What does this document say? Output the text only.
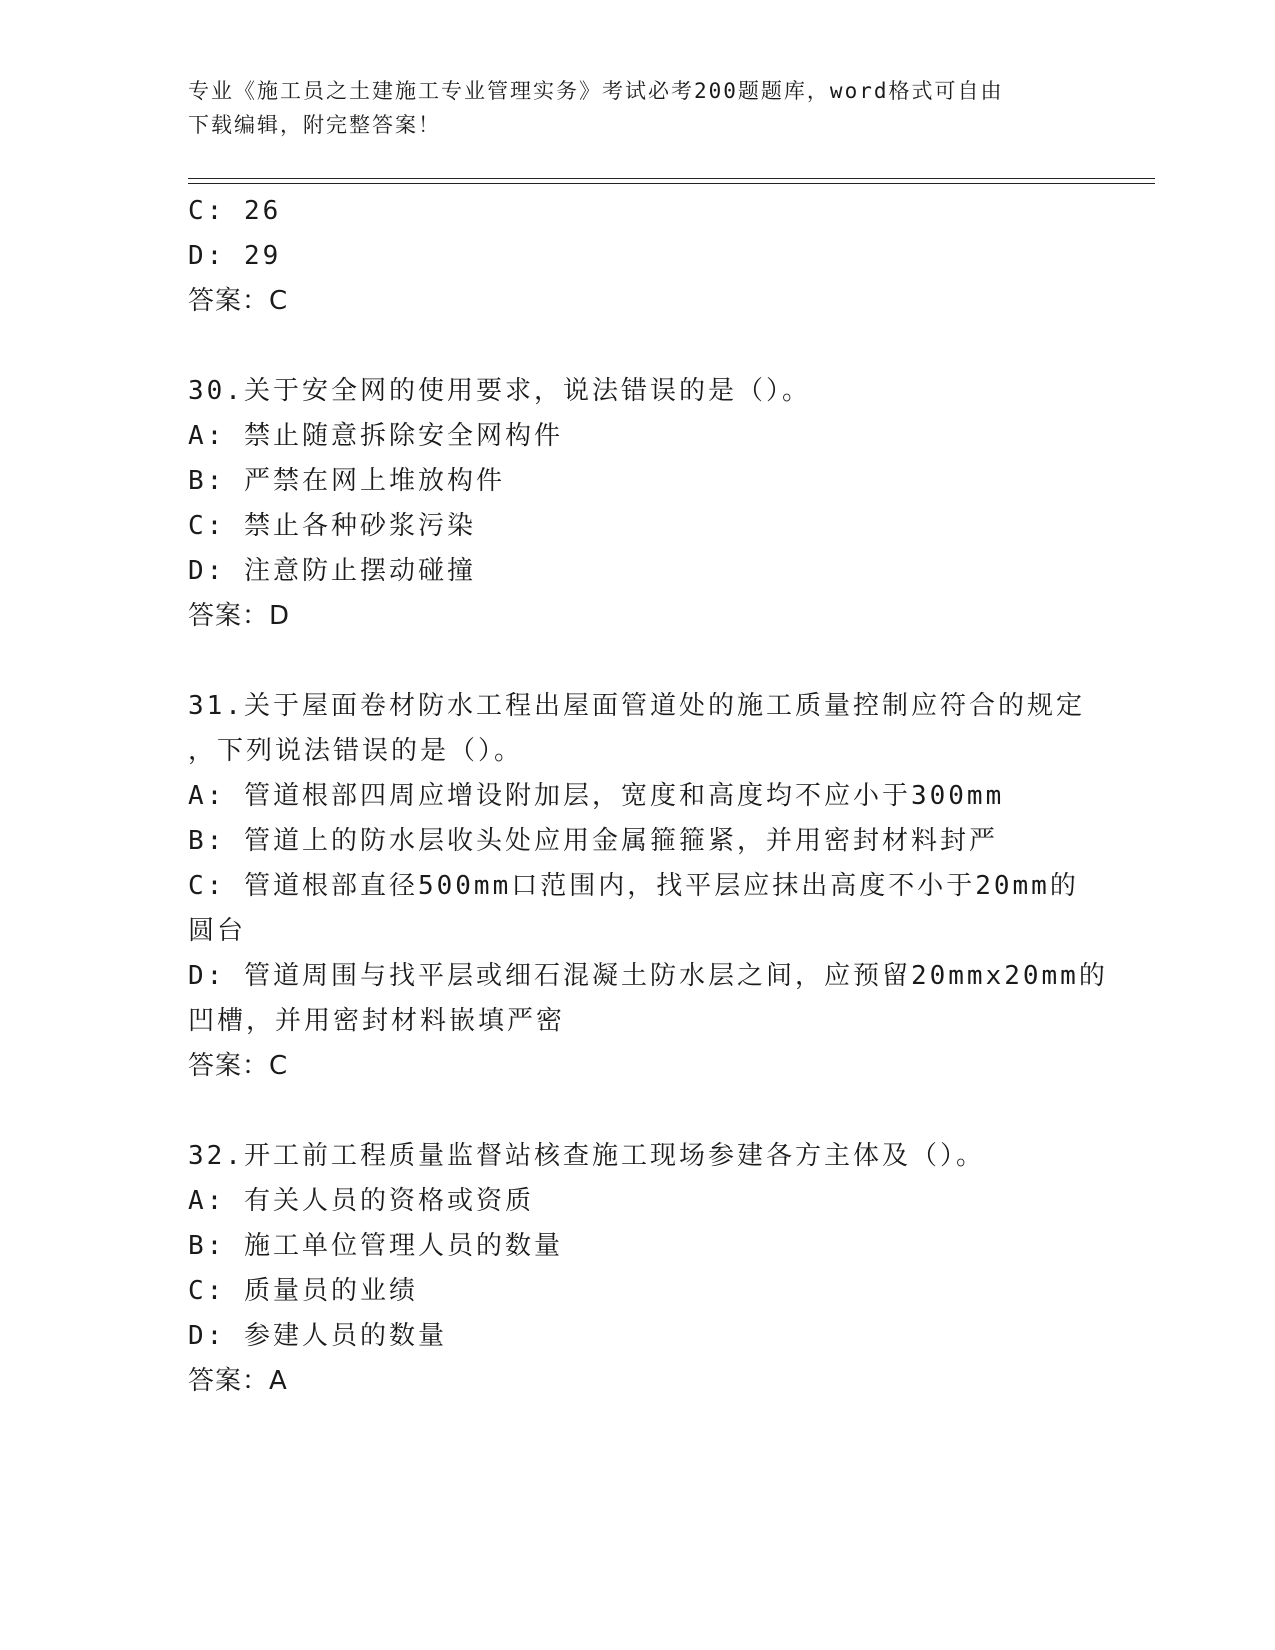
专业《施工员之土建施工专业管理实务》考试必考200题题库，word格式可自由
下载编辑，附完整答案！
C: 26
D: 29
答案：C
30.关于安全网的使用要求，说法错误的是（）。
A: 禁止随意拆除安全网构件
B: 严禁在网上堆放构件
C: 禁止各种砂浆污染
D: 注意防止摆动碰撞
答案：D
31.关于屋面卷材防水工程出屋面管道处的施工质量控制应符合的规定
，下列说法错误的是（）。
A: 管道根部四周应增设附加层，宽度和高度均不应小于300mm
B: 管道上的防水层收头处应用金属箍箍紧，并用密封材料封严
C: 管道根部直径500mm口范围内，找平层应抹出高度不小于20mm的
圆台
D: 管道周围与找平层或细石混凝土防水层之间，应预留20mmx20mm的
凹槽，并用密封材料嵌填严密
答案：C
32.开工前工程质量监督站核查施工现场参建各方主体及（）。
A: 有关人员的资格或资质
B: 施工单位管理人员的数量
C: 质量员的业绩
D: 参建人员的数量
答案：A
